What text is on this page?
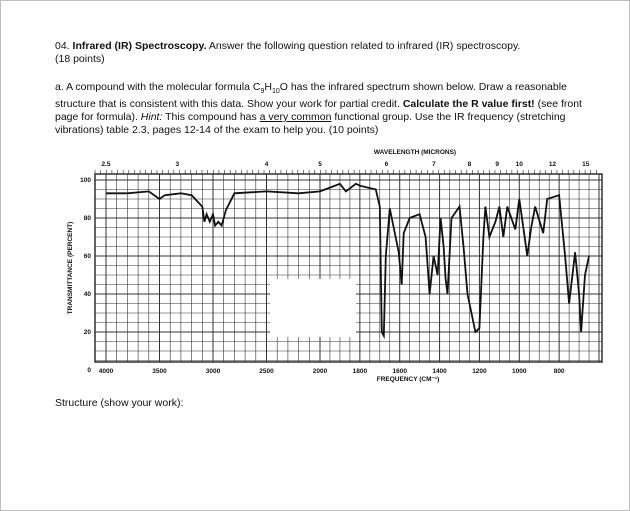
04. Infrared (IR) Spectroscopy. Answer the following question related to infrared (IR) spectroscopy.
(18 points)
a. A compound with the molecular formula $C_9H_{10}O$ has the infrared spectrum shown below. Draw a reasonable structure that is consistent with this data. Show your work for partial credit. Calculate the R value first! (see front page for formula). Hint: This compound has a very common functional group. Use the IR frequency (stretching vibrations) table 2.3, pages 12-14 of the exam to help you. (10 points)
4000	3500	3000	2500	2000	1800	1600	1400	1200	1000	800
FREQUENCY (CM⁻¹)
WAVELENGTH (MICRONS)
2.5	3	4	5	6	7	8	9	10	12	15
100
80
60
40
20
0
TRANSMITTANCE (PERCENT)
Structure (show your work):
